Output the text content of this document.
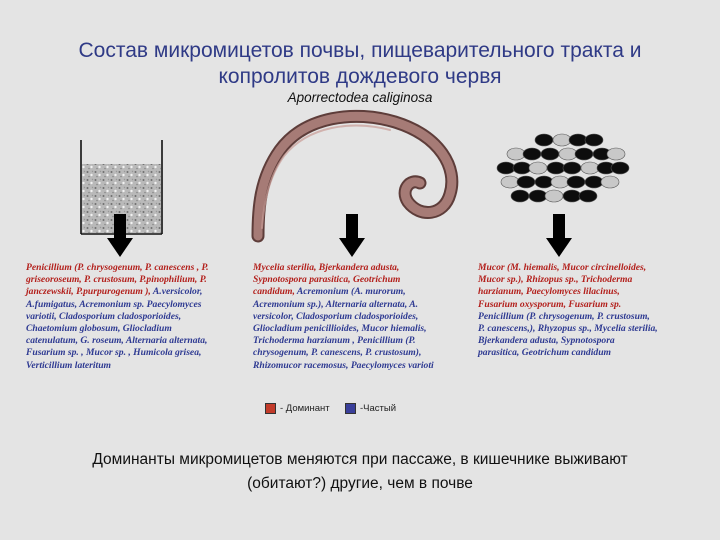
Состав микромицетов почвы, пищеварительного тракта и
копролитов дождевого червя
Aporrectodea caliginosa
Penicillium (P. chrysogenum, P. canescens , P.
griseoroseum, P. crustosum, P.pinophilium, P.
janczewskii, P.purpurogenum ), A.versicolor,
A.fumigatus, Acremonium sp. Paecylomyces
variotii, Cladosporium cladosporioides,
Chaetomium globosum, Gliocladium
catenulatum, G. roseum, Alternaria alternata,
Fusarium sp. , Mucor sp. , Humicola grisea,
Verticillium lateritum
Mycelia sterilia, Bjerkandera adusta,
Sypnotospora parasitica, Geotrichum
candidum, Acremonium (A. murorum,
Acremonium sp.), Alternaria alternata, A.
versicolor, Cladosporium cladosporioides,
Gliocladium penicillioides, Mucor hiemalis,
Trichoderma harzianum , Penicillium (P.
chrysogenum, P. canescens, P. crustosum),
Rhizomucor racemosus, Paecylomyces varioti
Mucor (M. hiemalis, Mucor circinelloides,
Mucor sp.), Rhizopus sp., Trichoderma
harzianum, Paecylomyces lilacinus,
Fusarium oxysporum, Fusarium sp.
Penicillium (P. chrysogenum, P. crustosum,
P. canescens,), Rhyzopus sp., Mycelia sterilia,
Bjerkandera adusta, Sypnotospora
parasitica, Geotrichum candidum
- Доминант	-Частый
Доминанты микромицетов меняются при пассаже, в кишечнике выживают
(обитают?) другие, чем в почве
